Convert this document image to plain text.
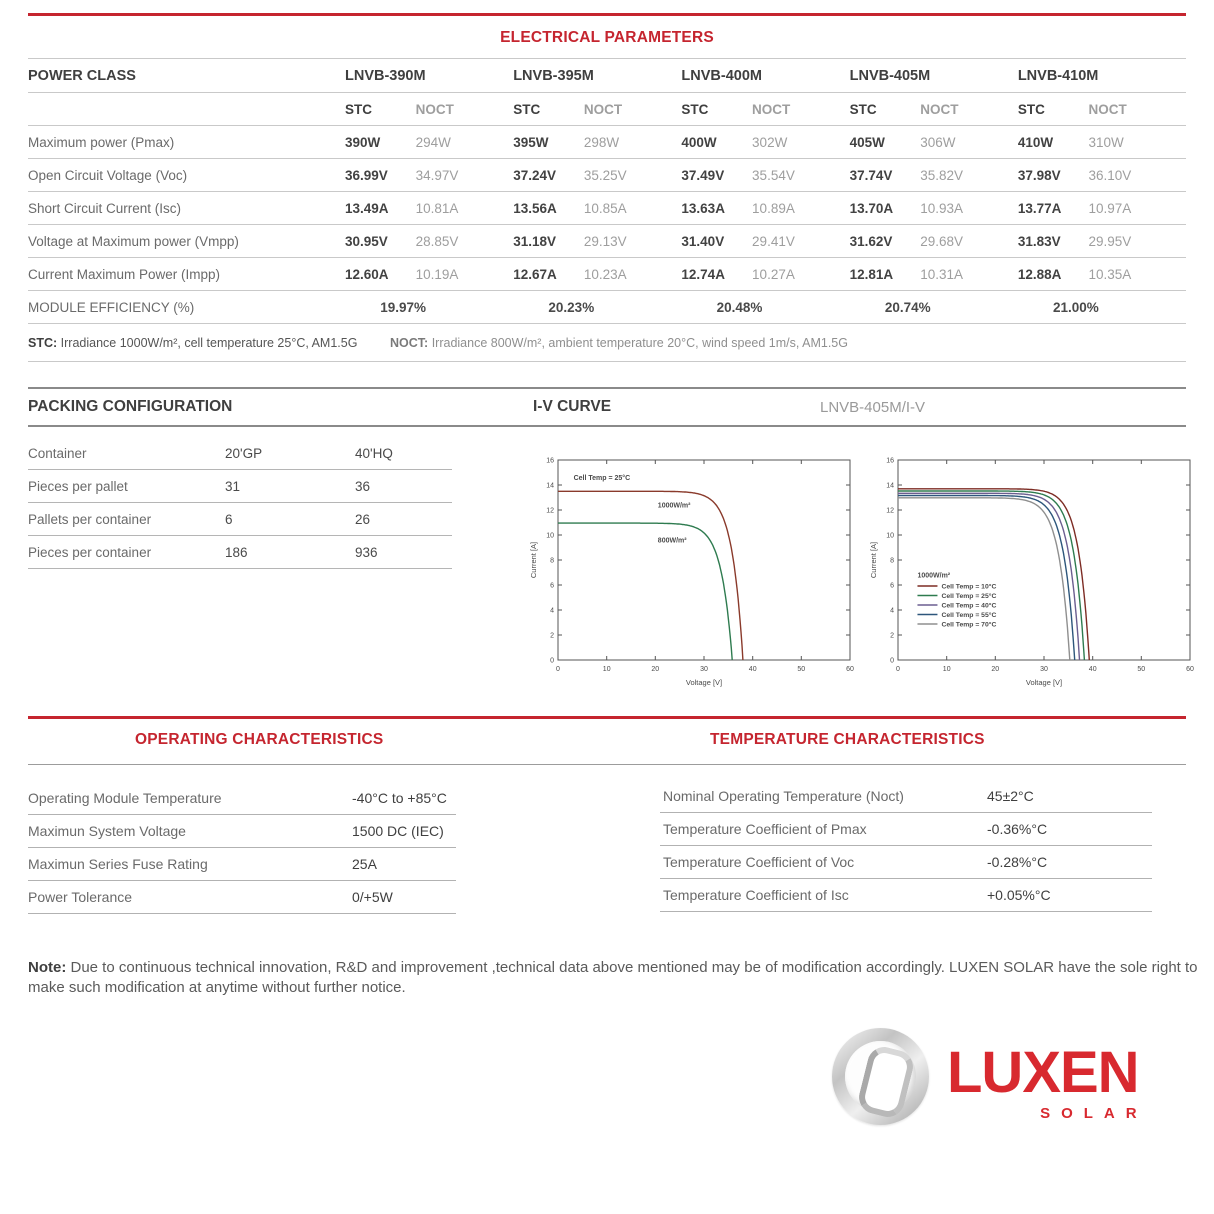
ELECTRICAL PARAMETERS
POWER CLASS	LNVB-390M	LNVB-395M	LNVB-400M	LNVB-405M	LNVB-410M
STC	NOCT	STC	NOCT	STC	NOCT	STC	NOCT	STC	NOCT
Maximum power (Pmax)	390W	294W	395W	298W	400W	302W	405W	306W	410W	310W
Open Circuit Voltage (Voc)	36.99V	34.97V	37.24V	35.25V	37.49V	35.54V	37.74V	35.82V	37.98V	36.10V
Short Circuit Current (Isc)	13.49A	10.81A	13.56A	10.85A	13.63A	10.89A	13.70A	10.93A	13.77A	10.97A
Voltage at Maximum power (Vmpp)	30.95V	28.85V	31.18V	29.13V	31.40V	29.41V	31.62V	29.68V	31.83V	29.95V
Current Maximum Power (Impp)	12.60A	10.19A	12.67A	10.23A	12.74A	10.27A	12.81A	10.31A	12.88A	10.35A
MODULE EFFICIENCY (%)	19.97%	20.23%	20.48%	20.74%	21.00%
STC: Irradiance 1000W/m², cell temperature 25°C, AM1.5G	NOCT: Irradiance 800W/m², ambient temperature 20°C, wind speed 1m/s, AM1.5G
PACKING CONFIGURATION	I-V CURVE	LNVB-405M/I-V
Container	20'GP	40'HQ
Pieces per pallet	31	36
Pallets per container	6	26
Pieces per container	186	936
0	10	20	30	40	50	60
0
2
4
6
8
10
12
14
16
Voltage [V]
Current [A]
1000W/m²
800W/m²
Cell Temp = 25°C
0	10	20	30	40	50	60
0
2
4
6
8
10
12
14
16
Voltage [V]
Current [A]	1000W/m²
Cell Temp = 10°C
Cell Temp = 25°C
Cell Temp = 40°C
Cell Temp = 55°C
Cell Temp = 70°C
OPERATING CHARACTERISTICS	TEMPERATURE CHARACTERISTICS
Operating Module Temperature	-40°C to +85°C
Maximun System Voltage	1500 DC (IEC)
Maximun Series Fuse Rating	25A
Power Tolerance	0/+5W
Nominal Operating Temperature (Noct)	45±2°C
Temperature Coefficient of Pmax	-0.36%°C
Temperature Coefficient of Voc	-0.28%°C
Temperature Coefficient of Isc	+0.05%°C
Note: Due to continuous technical innovation, R&D and improvement ,technical data above mentioned may be of modification accordingly. LUXEN SOLAR have the sole right to make such modification at anytime without further notice.
LUXEN
SOLAR
